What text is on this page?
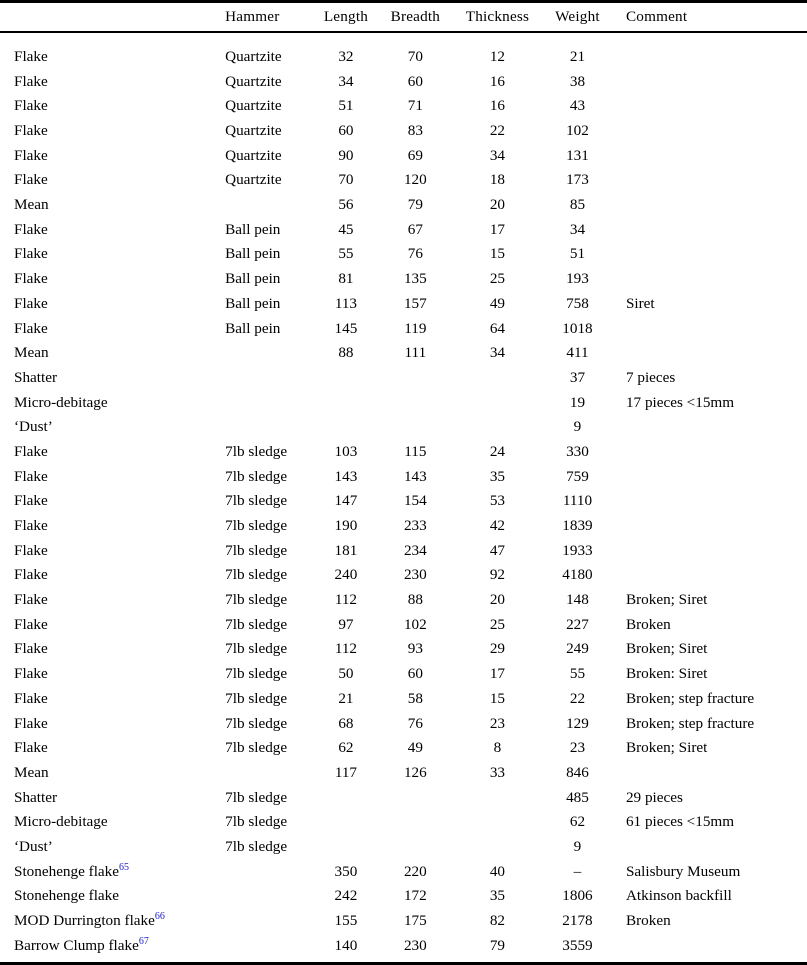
	Hammer	Length	Breadth	Thickness	Weight	Comment
Flake	Quartzite	32	70	12	21	
Flake	Quartzite	34	60	16	38	
Flake	Quartzite	51	71	16	43	
Flake	Quartzite	60	83	22	102	
Flake	Quartzite	90	69	34	131	
Flake	Quartzite	70	120	18	173	
Mean		56	79	20	85	
Flake	Ball pein	45	67	17	34	
Flake	Ball pein	55	76	15	51	
Flake	Ball pein	81	135	25	193	
Flake	Ball pein	113	157	49	758	Siret
Flake	Ball pein	145	119	64	1018	
Mean		88	111	34	411	
Shatter					37	7 pieces
Micro-debitage					19	17 pieces <15mm
‘Dust’					9	
Flake	7lb sledge	103	115	24	330	
Flake	7lb sledge	143	143	35	759	
Flake	7lb sledge	147	154	53	1110	
Flake	7lb sledge	190	233	42	1839	
Flake	7lb sledge	181	234	47	1933	
Flake	7lb sledge	240	230	92	4180	
Flake	7lb sledge	112	88	20	148	Broken; Siret
Flake	7lb sledge	97	102	25	227	Broken
Flake	7lb sledge	112	93	29	249	Broken; Siret
Flake	7lb sledge	50	60	17	55	Broken: Siret
Flake	7lb sledge	21	58	15	22	Broken; step fracture
Flake	7lb sledge	68	76	23	129	Broken; step fracture
Flake	7lb sledge	62	49	8	23	Broken; Siret
Mean		117	126	33	846	
Shatter	7lb sledge				485	29 pieces
Micro-debitage	7lb sledge				62	61 pieces <15mm
‘Dust’	7lb sledge				9	
Stonehenge flake$^{65}$		350	220	40	–	Salisbury Museum
Stonehenge flake		242	172	35	1806	Atkinson backfill
MOD Durrington flake$^{66}$		155	175	82	2178	Broken
Barrow Clump flake$^{67}$		140	230	79	3559	
